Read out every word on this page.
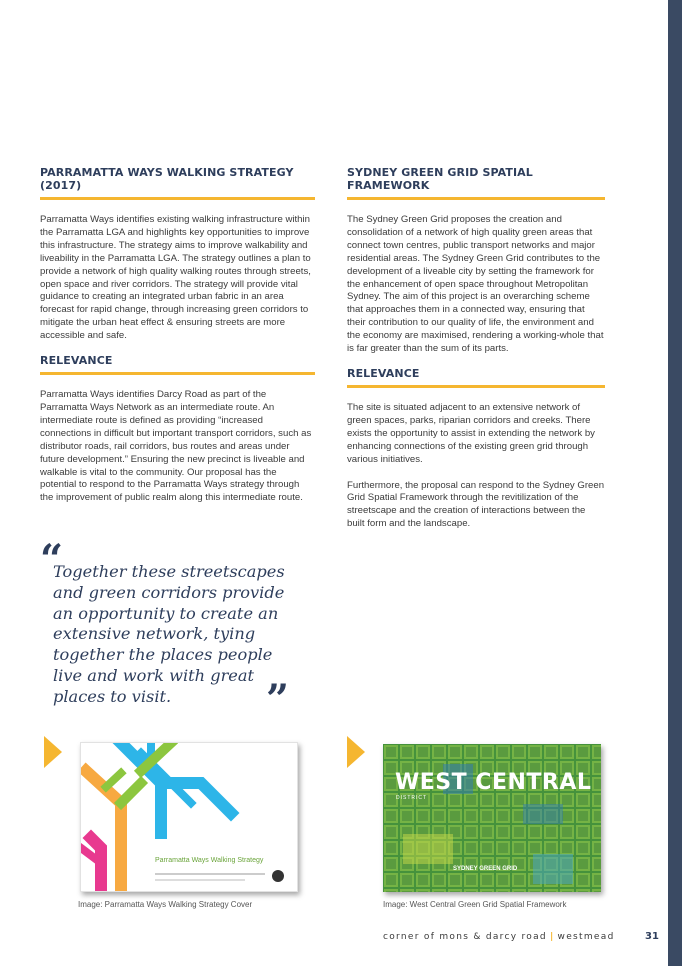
PARRAMATTA WAYS WALKING STRATEGY (2017)

Parramatta Ways identifies existing walking infrastructure within the Parramatta LGA and highlights key opportunities to improve this infrastructure. The strategy aims to improve walkability and liveability in the Parramatta LGA. The strategy outlines a plan to provide a network of high quality walking routes through streets, open space and river corridors. The strategy will provide vital guidance to creating an integrated urban fabric in an area forecast for rapid change, through increasing green corridors to mitigate the urban heat effect & ensuring streets are more accessible and safe.

RELEVANCE

Parramatta Ways identifies Darcy Road as part of the Parramatta Ways Network as an intermediate route. An intermediate route is defined as providing “increased connections in difficult but important transport corridors, such as distributor roads, rail corridors, bus routes and areas under future development.” Ensuring the new precinct is liveable and walkable is vital to the community. Our proposal has the potential to respond to the Parramatta Ways strategy through the improvement of public realm along this intermediate route.

SYDNEY GREEN GRID SPATIAL FRAMEWORK

The Sydney Green Grid proposes the creation and consolidation of a network of high quality green areas that connect town centres, public transport networks and major residential areas. The Sydney Green Grid contributes to the development of a liveable city by setting the framework for the enhancement of open space throughout Metropolitan Sydney. The aim of this project is an overarching scheme that approaches them in a connected way, ensuring that their contribution to our quality of life, the environment and the economy are maximised, rendering a working-whole that is far greater than the sum of its parts.

RELEVANCE

The site is situated adjacent to an extensive network of green spaces, parks, riparian corridors and creeks. There exists the opportunity to assist in extending the network by enhancing connections of the existing green grid through various initiatives.

Furthermore, the proposal can respond to the Sydney Green Grid Spatial Framework through the revitilization of the streetscape and the creation of interactions between the built form and the landscape.

“
Together these streetscapes and green corridors provide an opportunity to create an extensive network, tying together the places people live and work with great places to visit.	”
Parramatta Ways Walking Strategy
WEST CENTRAL
DISTRICT
SYDNEY GREEN GRID
Image: Parramatta Ways Walking Strategy Cover	Image: West Central Green Grid Spatial Framework
corner of mons & darcy road | westmead	31
